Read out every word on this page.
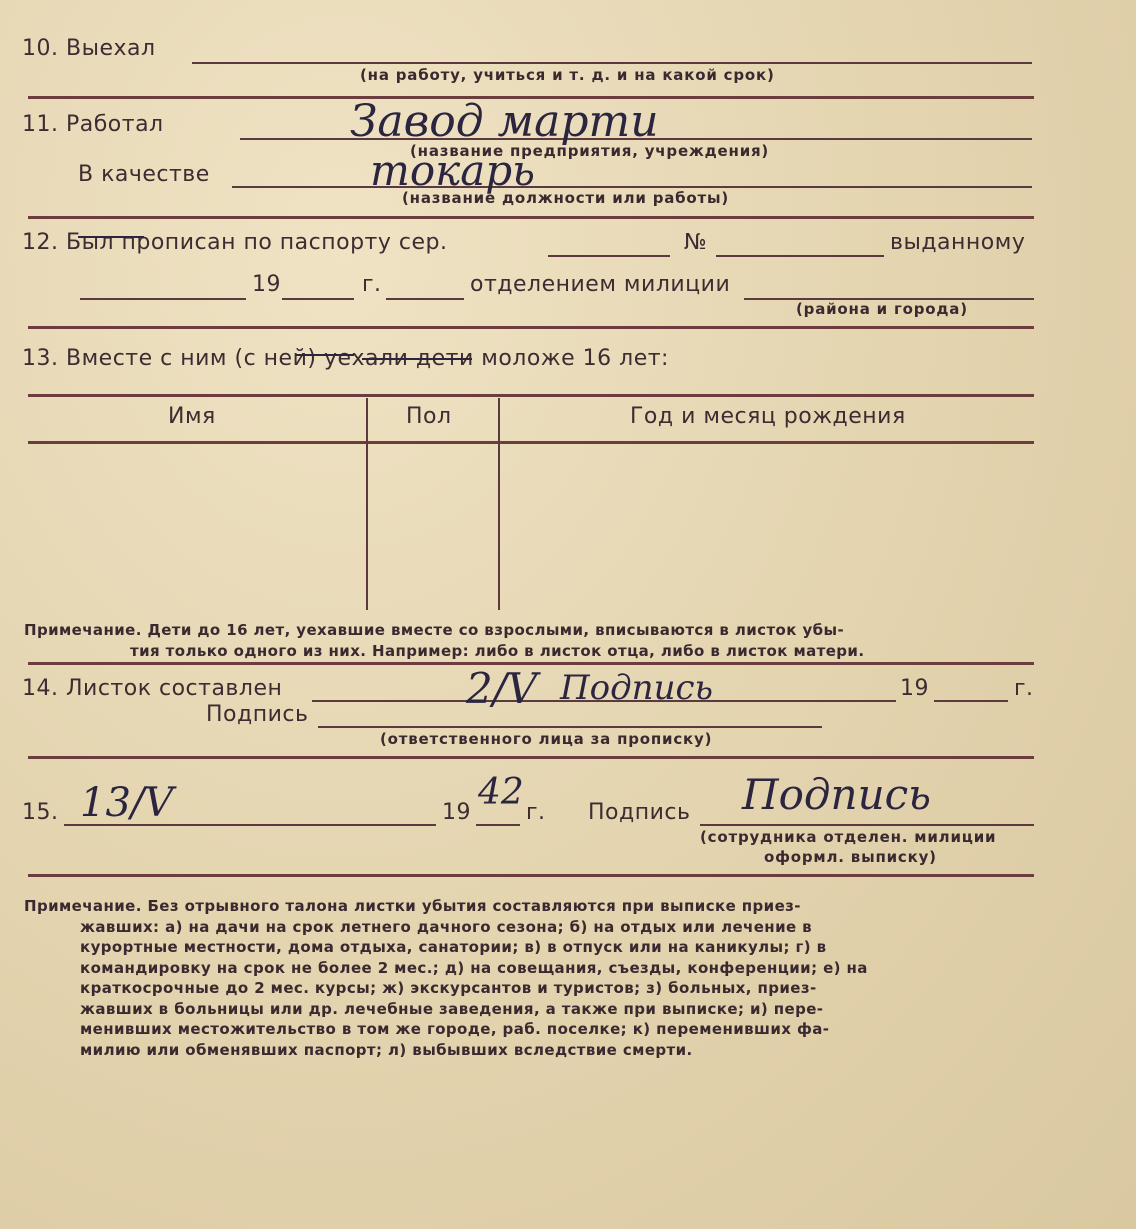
10. Выехал
(на работу, учиться и т. д. и на какой срок)
11. Работал	Завод марти
(название предприятия, учреждения)
В качестве	токарь
(название должности или работы)
12. Был прописан по паспорту сер.	№	выданному
19	г.	отделением милиции
(района и города)
13. Вместе с ним (с ней) уехали дети моложе 16 лет:
Имя	Пол	Год и месяц рождения
Примечание. Дети до 16 лет, уехавшие вместе со взрослыми, вписываются в листок убы-
тия только одного из них. Например: либо в листок отца, либо в листок матери.
14. Листок составлен	2/V Подпись	19	г.
Подпись
(ответственного лица за прописку)
15. 13/V	19 42 г. Подпись Подпись
(сотрудника отделен. милиции
оформл. выписку)
Примечание. Без отрывного талона листки убытия составляются при выписке приез-
жавших: а) на дачи на срок летнего дачного сезона; б) на отдых или лечение в
курортные местности, дома отдыха, санатории; в) в отпуск или на каникулы; г) в
командировку на срок не более 2 мес.; д) на совещания, съезды, конференции; е) на
краткосрочные до 2 мес. курсы; ж) экскурсантов и туристов; з) больных, приез-
жавших в больницы или др. лечебные заведения, а также при выписке; и) пере-
менивших местожительство в том же городе, раб. поселке; к) переменивших фа-
милию или обменявших паспорт; л) выбывших вследствие смерти.
